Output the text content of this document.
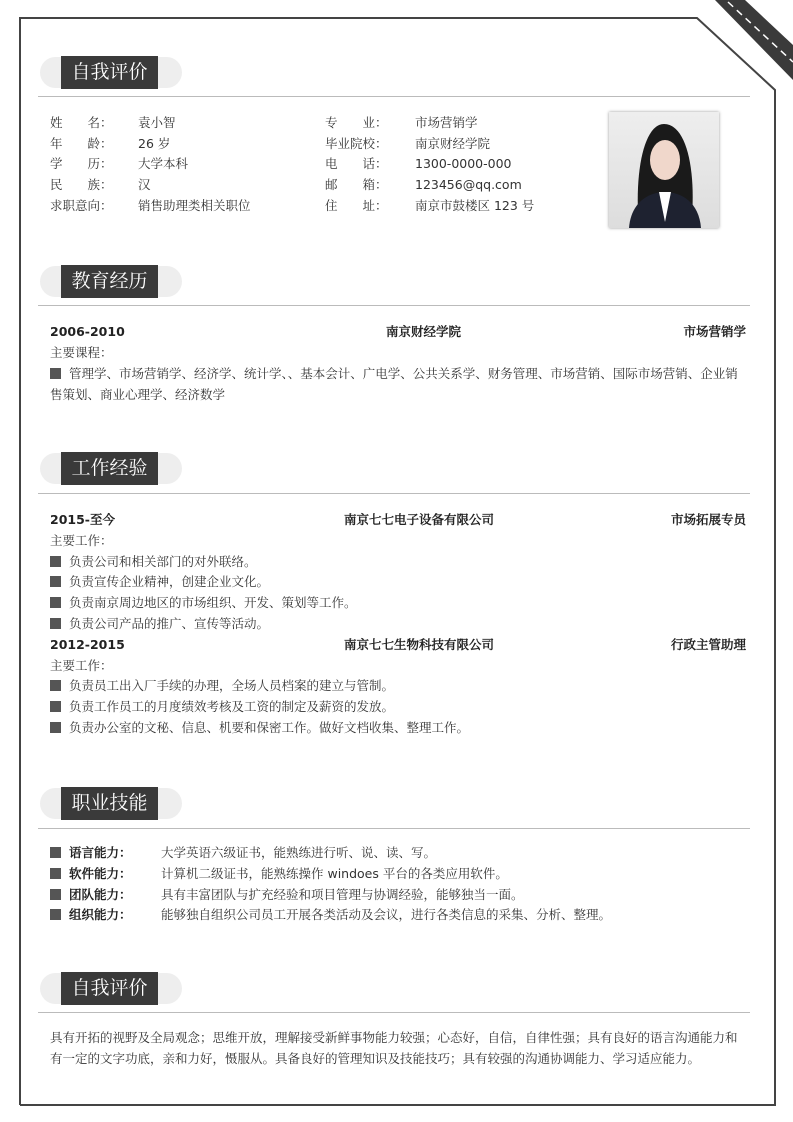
自我评价
姓　　名： 袁小智
年　　龄： 26 岁
学　　历： 大学本科
民　　族： 汉
求职意向： 销售助理类相关职位
专　　业： 市场营销学
毕业院校： 南京财经学院
电　　话： 1300-0000-000
邮　　箱： 123456@qq.com
住　　址： 南京市鼓楼区 123 号
教育经历
2006-2010	南京财经学院	市场营销学
主要课程：
管理学、市场营销学、经济学、统计学、、基本会计、广电学、公共关系学、财务管理、市场营销、国际市场营销、企业销售策划、商业心理学、经济数学
工作经验
2015-至今	南京七七电子设备有限公司	市场拓展专员
主要工作：
负责公司和相关部门的对外联络。
负责宣传企业精神，创建企业文化。
负责南京周边地区的市场组织、开发、策划等工作。
负责公司产品的推广、宣传等活动。
2012-2015	南京七七生物科技有限公司	行政主管助理
主要工作：
负责员工出入厂手续的办理，全场人员档案的建立与管制。
负责工作员工的月度绩效考核及工资的制定及薪资的发放。
负责办公室的文秘、信息、机要和保密工作。做好文档收集、整理工作。
职业技能
语言能力： 大学英语六级证书，能熟练进行听、说、读、写。
软件能力： 计算机二级证书，能熟练操作 windoes 平台的各类应用软件。
团队能力： 具有丰富团队与扩充经验和项目管理与协调经验，能够独当一面。
组织能力： 能够独自组织公司员工开展各类活动及会议，进行各类信息的采集、分析、整理。
自我评价
具有开拓的视野及全局观念；思维开放，理解接受新鲜事物能力较强；心态好，自信，自律性强；具有良好的语言沟通能力和有一定的文字功底，亲和力好，慑服从。具备良好的管理知识及技能技巧；具有较强的沟通协调能力、学习适应能力。
